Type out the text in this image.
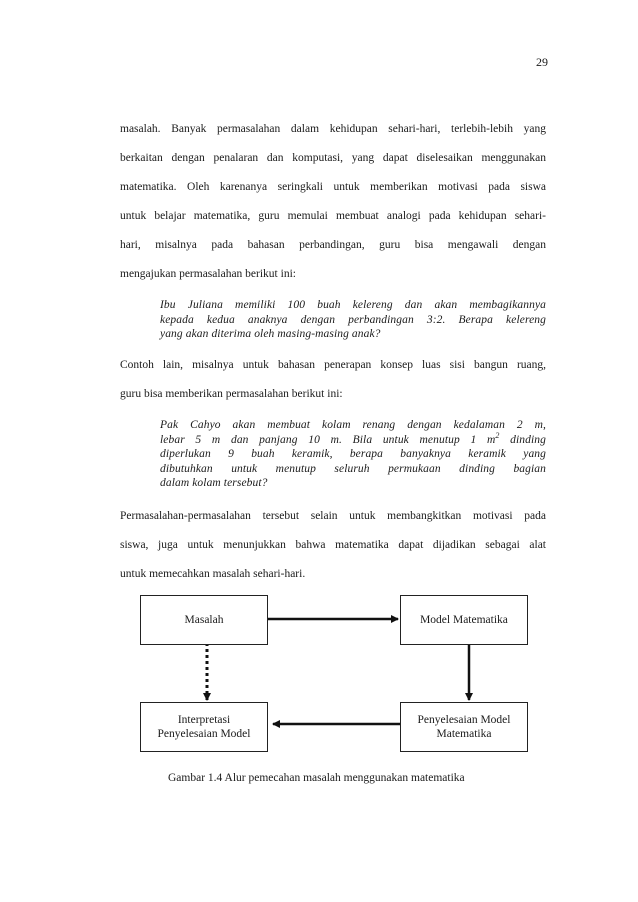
29
masalah. Banyak permasalahan dalam kehidupan sehari-hari, terlebih-lebih yang
berkaitan dengan penalaran dan komputasi, yang dapat diselesaikan menggunakan
matematika. Oleh karenanya seringkali untuk memberikan motivasi pada siswa
untuk belajar matematika, guru memulai membuat analogi pada kehidupan sehari-
hari, misalnya pada bahasan perbandingan, guru bisa mengawali dengan
mengajukan permasalahan berikut ini:
Ibu Juliana memiliki 100 buah kelereng dan akan membagikannya
kepada kedua anaknya dengan perbandingan 3:2. Berapa kelereng
yang akan diterima oleh masing-masing anak?
Contoh lain, misalnya untuk bahasan penerapan konsep luas sisi bangun ruang,
guru bisa memberikan permasalahan berikut ini:
Pak Cahyo akan membuat kolam renang dengan kedalaman 2 m,
lebar 5 m dan panjang 10 m. Bila untuk menutup 1 $m^2$ dinding
diperlukan 9 buah keramik, berapa banyaknya keramik yang
dibutuhkan untuk menutup seluruh permukaan dinding bagian
dalam kolam tersebut?
Permasalahan-permasalahan tersebut selain untuk membangkitkan motivasi pada
siswa, juga untuk menunjukkan bahwa matematika dapat dijadikan sebagai alat
untuk memecahkan masalah sehari-hari.
Masalah	Model Matematika
Interpretasi
Penyelesaian Model
Penyelesaian Model
Matematika
Gambar 1.4 Alur pemecahan masalah menggunakan matematika
